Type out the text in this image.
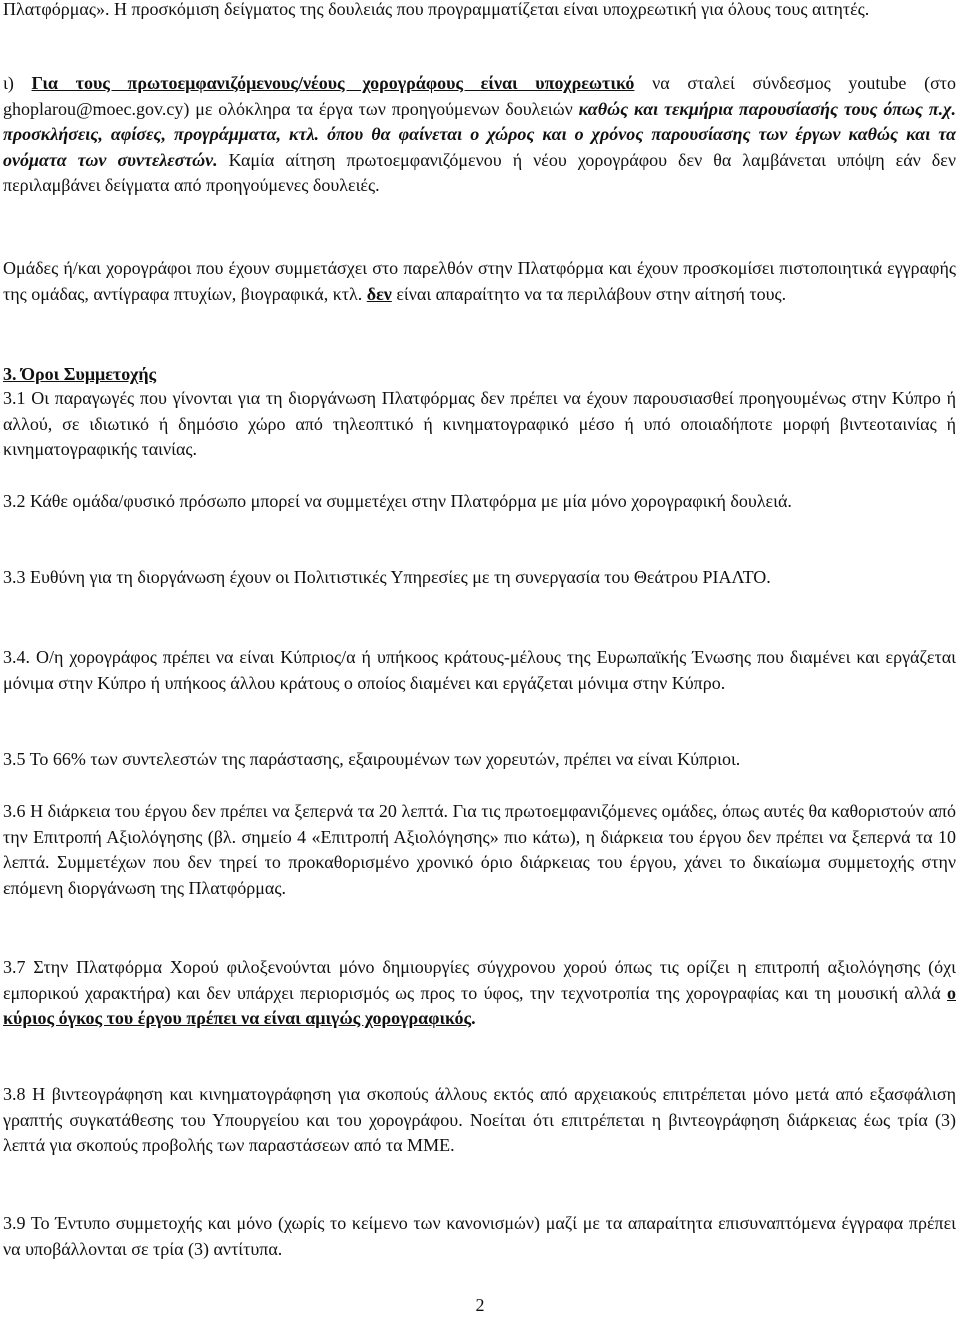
Πλατφόρμας». Η προσκόμιση δείγματος της δουλειάς που προγραμματίζεται είναι υποχρεωτική για όλους τους αιτητές.

ι) Για τους πρωτοεμφανιζόμενους/νέους χορογράφους είναι υποχρεωτικό να σταλεί σύνδεσμος youtube (στο ghoplarou@moec.gov.cy) με ολόκληρα τα έργα των προηγούμενων δουλειών καθώς και τεκμήρια παρουσίασής τους όπως π.χ. προσκλήσεις, αφίσες, προγράμματα, κτλ. όπου θα φαίνεται ο χώρος και ο χρόνος παρουσίασης των έργων καθώς και τα ονόματα των συντελεστών. Καμία αίτηση πρωτοεμφανιζόμενου ή νέου χορογράφου δεν θα λαμβάνεται υπόψη εάν δεν περιλαμβάνει δείγματα από προηγούμενες δουλειές.

Ομάδες ή/και χορογράφοι που έχουν συμμετάσχει στο παρελθόν στην Πλατφόρμα και έχουν προσκομίσει πιστοποιητικά εγγραφής της ομάδας, αντίγραφα πτυχίων, βιογραφικά, κτλ. δεν είναι απαραίτητο να τα περιλάβουν στην αίτησή τους.

3. Όροι Συμμετοχής

3.1 Οι παραγωγές που γίνονται για τη διοργάνωση Πλατφόρμας δεν πρέπει να έχουν παρουσιασθεί προηγουμένως στην Κύπρο ή αλλού, σε ιδιωτικό ή δημόσιο χώρο από τηλεοπτικό ή κινηματογραφικό μέσο ή υπό οποιαδήποτε μορφή βιντεοταινίας ή κινηματογραφικής ταινίας.

3.2 Κάθε ομάδα/φυσικό πρόσωπο μπορεί να συμμετέχει στην Πλατφόρμα με μία μόνο χορογραφική δουλειά.

3.3 Ευθύνη για τη διοργάνωση έχουν οι Πολιτιστικές Υπηρεσίες με τη συνεργασία του Θεάτρου ΡΙΑΛΤΟ.

3.4. Ο/η χορογράφος πρέπει να είναι Κύπριος/α ή υπήκοος κράτους-μέλους της Ευρωπαϊκής Ένωσης που διαμένει και εργάζεται μόνιμα στην Κύπρο ή υπήκοος άλλου κράτους ο οποίος διαμένει και εργάζεται μόνιμα στην Κύπρο.

3.5 Το 66% των συντελεστών της παράστασης, εξαιρουμένων των χορευτών, πρέπει να είναι Κύπριοι.

3.6 Η διάρκεια του έργου δεν πρέπει να ξεπερνά τα 20 λεπτά. Για τις πρωτοεμφανιζόμενες ομάδες, όπως αυτές θα καθοριστούν από την Επιτροπή Αξιολόγησης (βλ. σημείο 4 «Επιτροπή Αξιολόγησης» πιο κάτω), η διάρκεια του έργου δεν πρέπει να ξεπερνά τα 10 λεπτά. Συμμετέχων που δεν τηρεί το προκαθορισμένο χρονικό όριο διάρκειας του έργου, χάνει το δικαίωμα συμμετοχής στην επόμενη διοργάνωση της Πλατφόρμας.

3.7 Στην Πλατφόρμα Χορού φιλοξενούνται μόνο δημιουργίες σύγχρονου χορού όπως τις ορίζει η επιτροπή αξιολόγησης (όχι εμπορικού χαρακτήρα) και δεν υπάρχει περιορισμός ως προς το ύφος, την τεχνοτροπία της χορογραφίας και τη μουσική αλλά ο κύριος όγκος του έργου πρέπει να είναι αμιγώς χορογραφικός.

3.8 Η βιντεογράφηση και κινηματογράφηση για σκοπούς άλλους εκτός από αρχειακούς επιτρέπεται μόνο μετά από εξασφάλιση γραπτής συγκατάθεσης του Υπουργείου και του χορογράφου. Νοείται ότι επιτρέπεται η βιντεογράφηση διάρκειας έως τρία (3) λεπτά για σκοπούς προβολής των παραστάσεων από τα ΜΜΕ.

3.9 Το Έντυπο συμμετοχής και μόνο (χωρίς το κείμενο των κανονισμών) μαζί με τα απαραίτητα επισυναπτόμενα έγγραφα πρέπει να υποβάλλονται σε τρία (3) αντίτυπα.

2
